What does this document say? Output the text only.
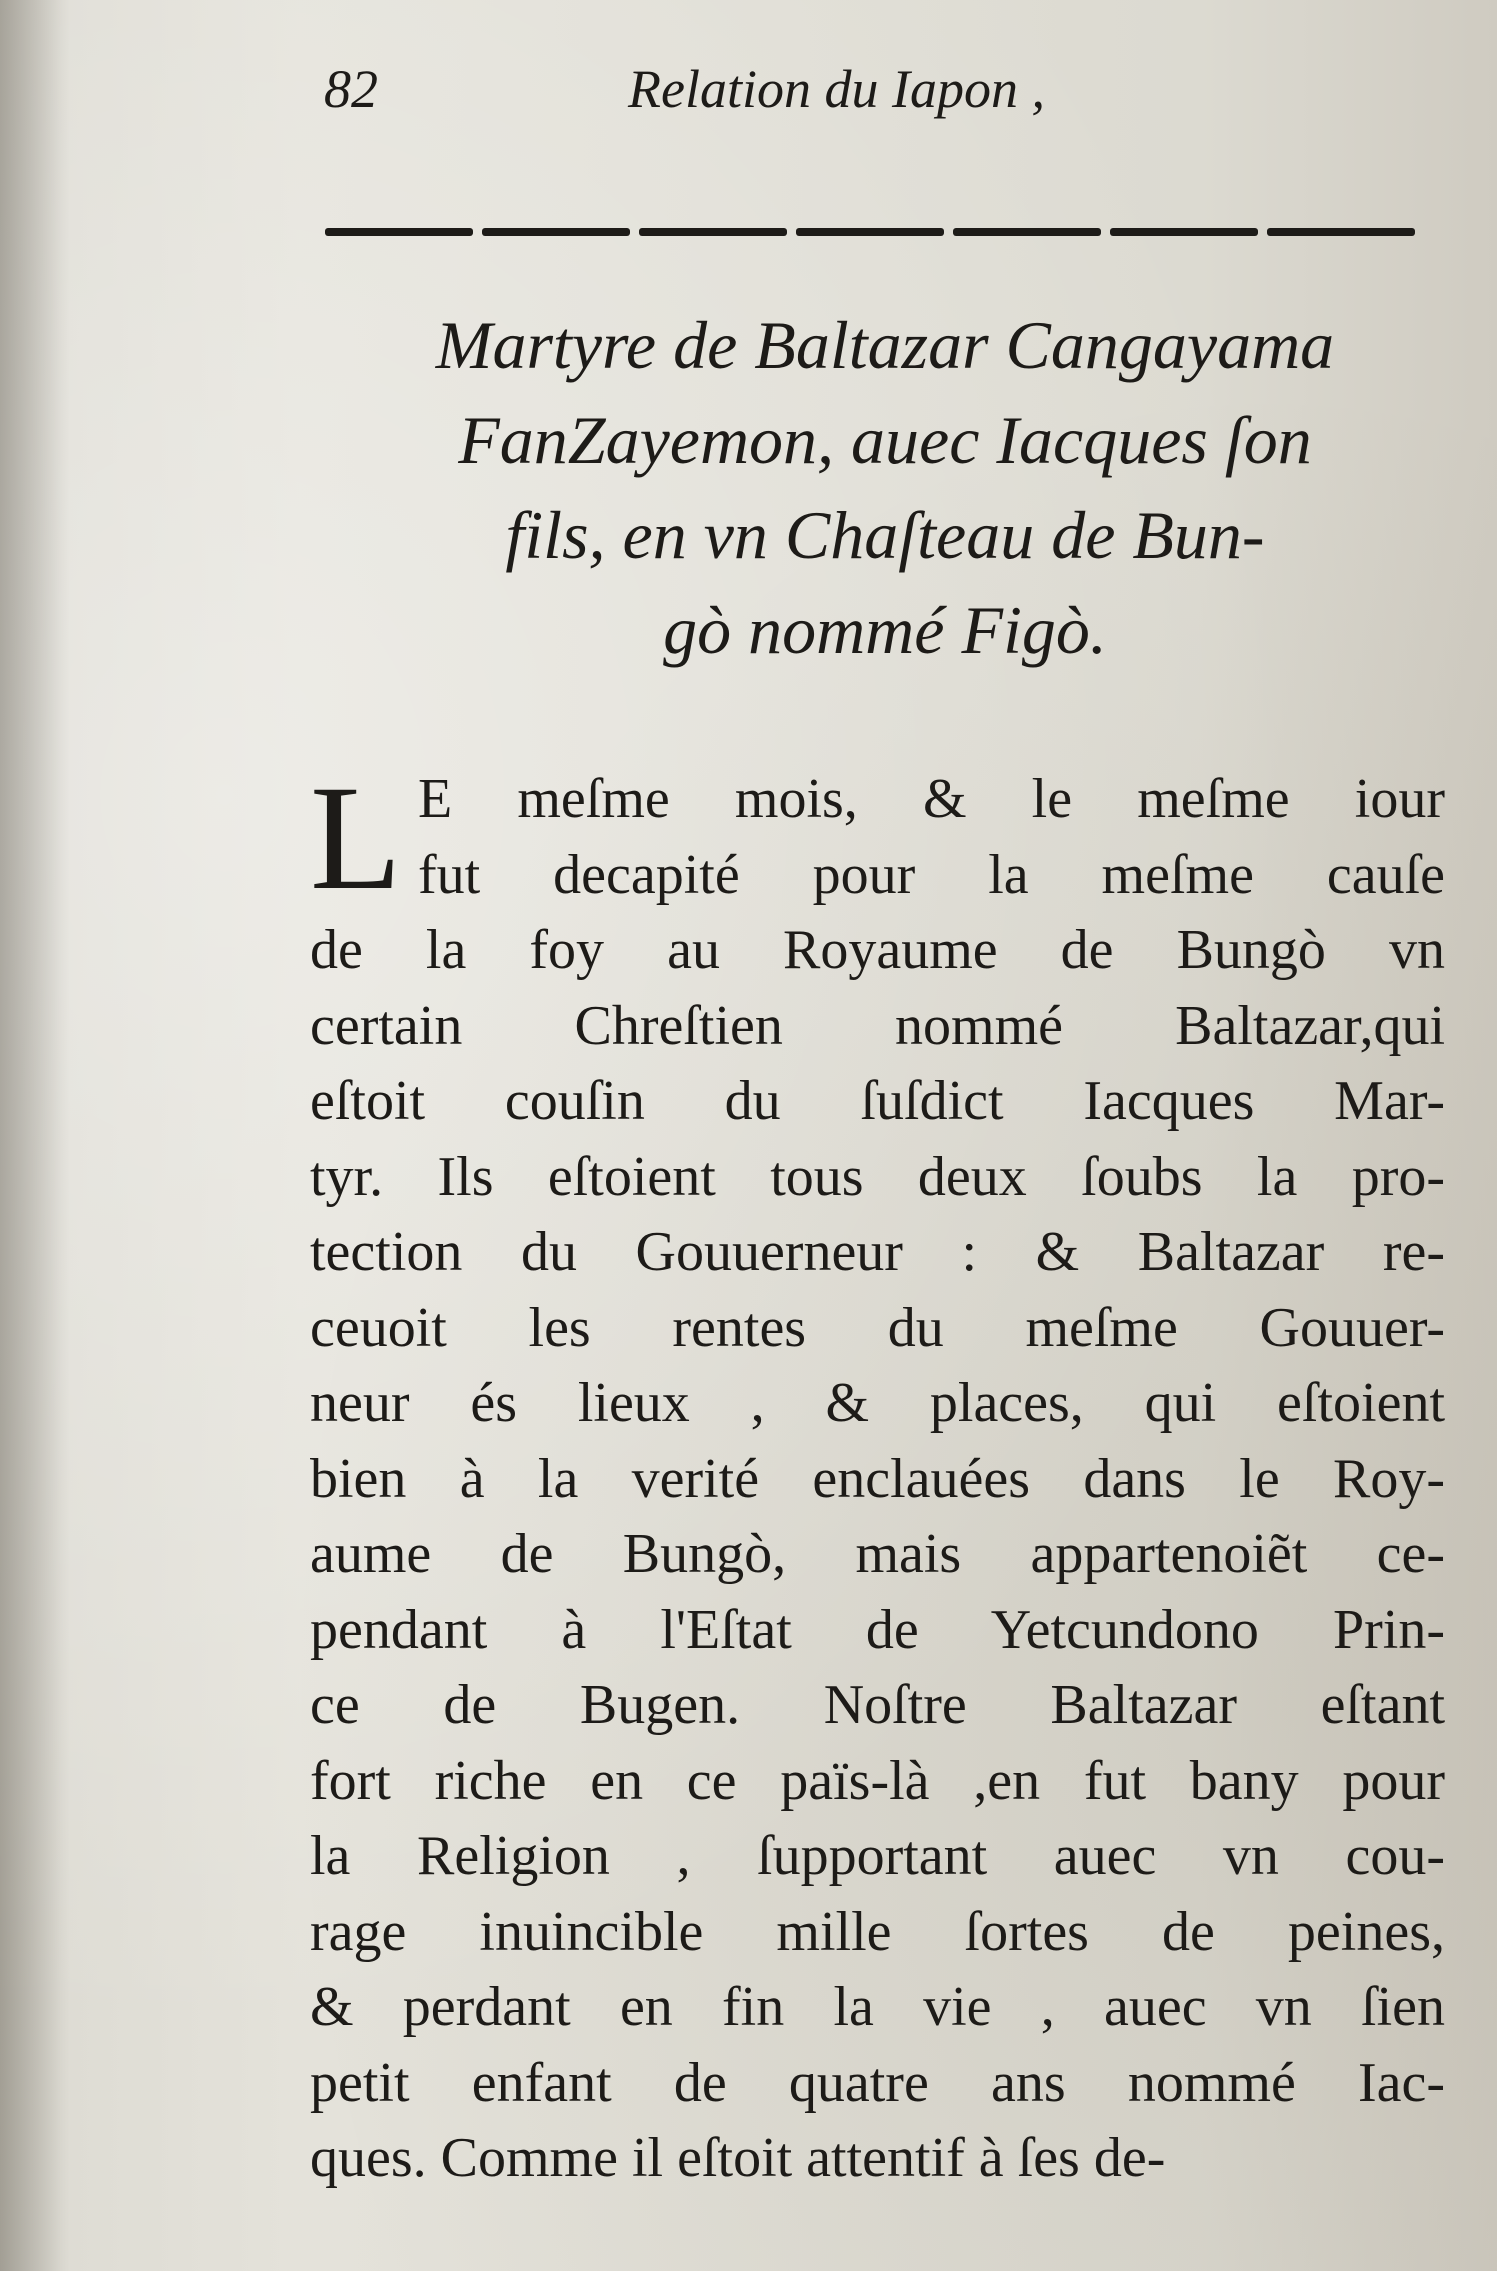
82	Relation du Iapon ,
Martyre de Baltazar Cangayama
FanZayemon, auec Iacques ſon
fils, en vn Chaſteau de Bun-
gò nommé Figò.
L E meſme mois, & le meſme iour
fut decapité pour la meſme cauſe
de la foy au Royaume de Bungò vn
certain Chreſtien nommé Baltazar,qui
eſtoit couſin du ſuſdict Iacques Mar-
tyr. Ils eſtoient tous deux ſoubs la pro-
tection du Gouuerneur : & Baltazar re-
ceuoit les rentes du meſme Gouuer-
neur és lieux , & places, qui eſtoient
bien à la verité enclauées dans le Roy-
aume de Bungò, mais appartenoiẽt ce-
pendant à l'Eſtat de Yetcundono Prin-
ce de Bugen. Noſtre Baltazar eſtant
fort riche en ce païs-là ,en fut bany pour
la Religion , ſupportant auec vn cou-
rage inuincible mille ſortes de peines,
& perdant en fin la vie , auec vn ſien
petit enfant de quatre ans nommé Iac-
ques. Comme il eſtoit attentif à ſes de-
